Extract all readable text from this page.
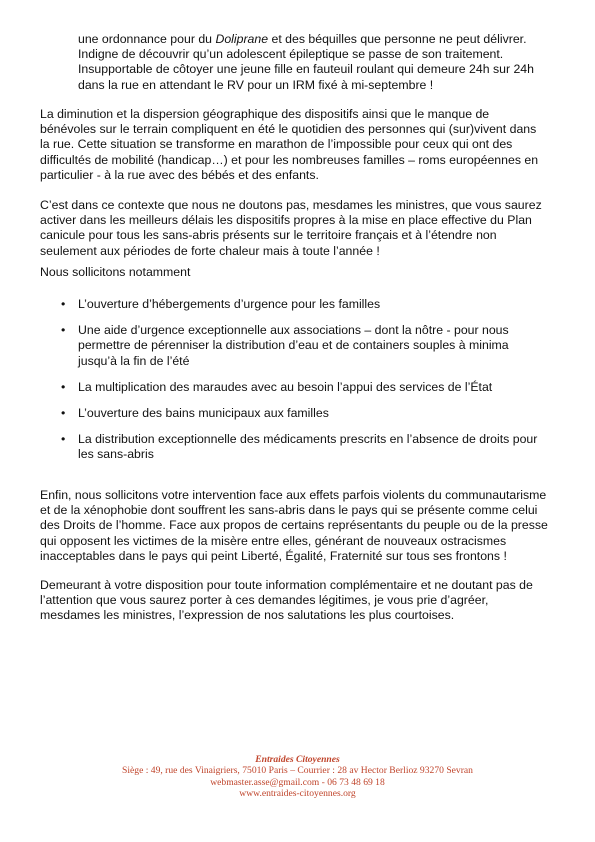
une ordonnance pour du Doliprane et des béquilles que personne ne peut délivrer.
Indigne de découvrir qu’un adolescent épileptique se passe de son traitement.
Insupportable de côtoyer une jeune fille en fauteuil roulant qui demeure 24h sur 24h
dans la rue en attendant le RV pour un IRM fixé à mi-septembre !
La diminution et la dispersion géographique des dispositifs ainsi que le manque de
bénévoles sur le terrain compliquent en été le quotidien des personnes qui (sur)vivent dans
la rue. Cette situation se transforme en marathon de l’impossible pour ceux qui ont des
difficultés de mobilité (handicap…) et pour les nombreuses familles – roms européennes en
particulier - à la rue avec des bébés et des enfants.
C’est dans ce contexte que nous ne doutons pas, mesdames les ministres, que vous saurez
activer dans les meilleurs délais les dispositifs propres à la mise en place effective du Plan
canicule pour tous les sans-abris présents sur le territoire français et à l’étendre non
seulement aux périodes de forte chaleur mais à toute l’année !
Nous sollicitons notamment
• L’ouverture d’hébergements d’urgence pour les familles
• Une aide d’urgence exceptionnelle aux associations – dont la nôtre - pour nous
permettre de pérenniser la distribution d’eau et de containers souples à minima
jusqu’à la fin de l’été
• La multiplication des maraudes avec au besoin l’appui des services de l’État
• L’ouverture des bains municipaux aux familles
• La distribution exceptionnelle des médicaments prescrits en l’absence de droits pour
les sans-abris
Enfin, nous sollicitons votre intervention face aux effets parfois violents du communautarisme
et de la xénophobie dont souffrent les sans-abris dans le pays qui se présente comme celui
des Droits de l’homme. Face aux propos de certains représentants du peuple ou de la presse
qui opposent les victimes de la misère entre elles, générant de nouveaux ostracismes
inacceptables dans le pays qui peint Liberté, Égalité, Fraternité sur tous ses frontons !
Demeurant à votre disposition pour toute information complémentaire et ne doutant pas de
l’attention que vous saurez porter à ces demandes légitimes, je vous prie d’agréer,
mesdames les ministres, l’expression de nos salutations les plus courtoises.
Entraides Citoyennes
Siège : 49, rue des Vinaigriers, 75010 Paris – Courrier : 28 av Hector Berlioz 93270 Sevran
webmaster.asse@gmail.com - 06 73 48 69 18
www.entraides-citoyennes.org
